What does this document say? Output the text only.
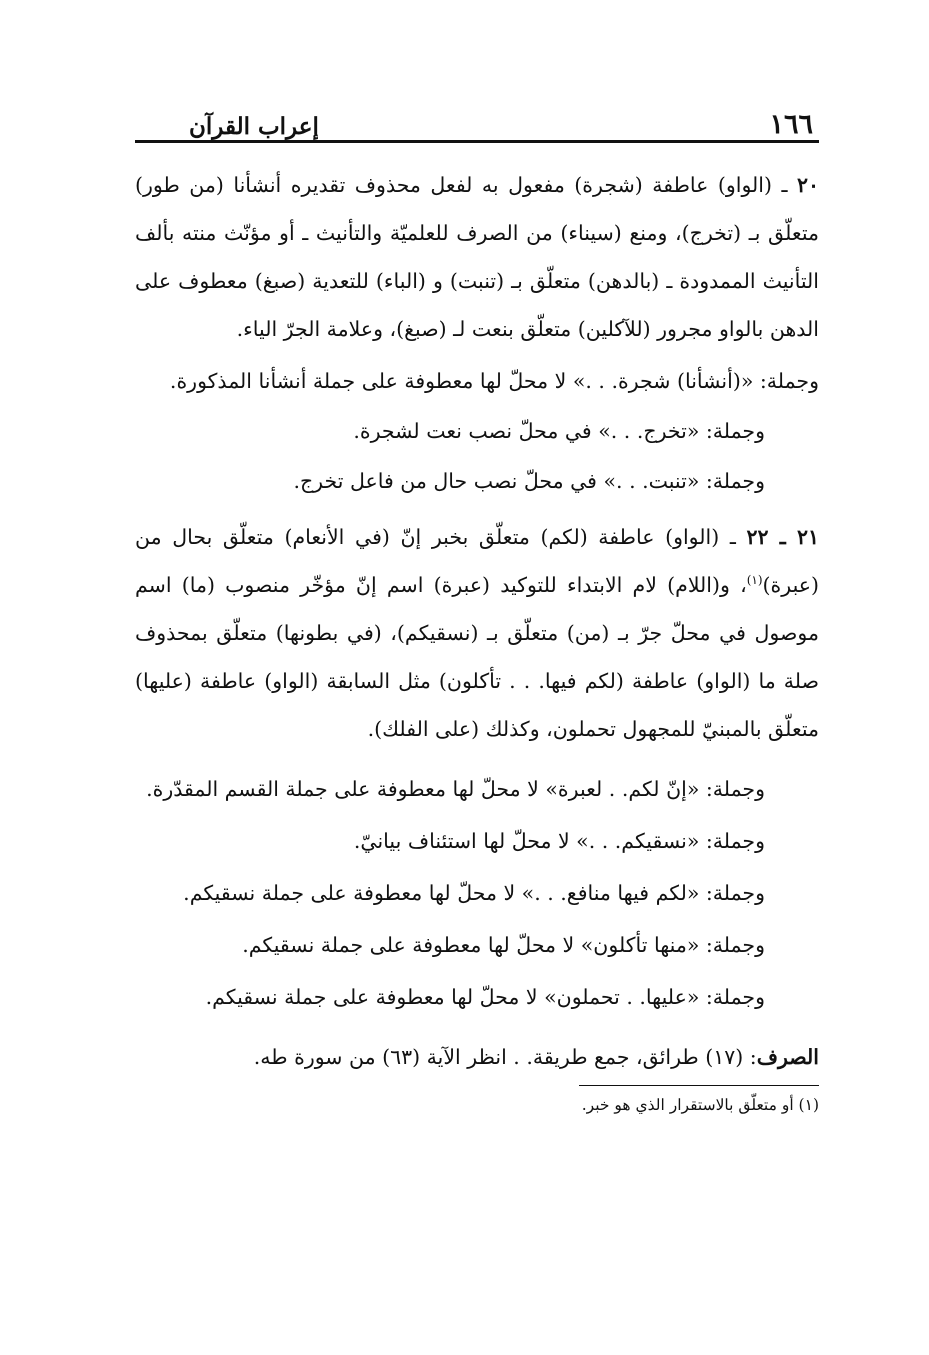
١٦٦
إعراب القرآن

٢٠ ـ (الواو) عاطفة (شجرة) مفعول به لفعل محذوف تقديره أنشأنا (من طور) متعلّق بـ (تخرج)، ومنع (سيناء) من الصرف للعلميّة والتأنيث ـ أو مؤنّث منته بألف التأنيث الممدودة ـ (بالدهن) متعلّق بـ (تنبت) و (الباء) للتعدية (صبغ) معطوف على الدهن بالواو مجرور (للآكلين) متعلّق بنعت لـ (صبغ)، وعلامة الجرّ الياء.

وجملة: «(أنشأنا) شجرة. . .» لا محلّ لها معطوفة على جملة أنشأنا المذكورة.

وجملة: «تخرج. . .» في محلّ نصب نعت لشجرة.

وجملة: «تنبت. . .» في محلّ نصب حال من فاعل تخرج.

٢١ ـ ٢٢ ـ (الواو) عاطفة (لكم) متعلّق بخبر إنّ (في الأنعام) متعلّق بحال من (عبرة)$^{(١)}$، و(اللام) لام الابتداء للتوكيد (عبرة) اسم إنّ مؤخّر منصوب (ما) اسم موصول في محلّ جرّ بـ (من) متعلّق بـ (نسقيكم)، (في بطونها) متعلّق بمحذوف صلة ما (الواو) عاطفة (لكم فيها. . . تأكلون) مثل السابقة (الواو) عاطفة (عليها) متعلّق بالمبنيّ للمجهول تحملون، وكذلك (على الفلك).

وجملة: «إنّ لكم. . لعبرة» لا محلّ لها معطوفة على جملة القسم المقدّرة.

وجملة: «نسقيكم. . .» لا محلّ لها استئناف بيانيّ.

وجملة: «لكم فيها منافع. . .» لا محلّ لها معطوفة على جملة نسقيكم.

وجملة: «منها تأكلون» لا محلّ لها معطوفة على جملة نسقيكم.

وجملة: «عليها. . تحملون» لا محلّ لها معطوفة على جملة نسقيكم.

الصرف: (١٧) طرائق، جمع طريقة. . انظر الآية (٦٣) من سورة طه.

(١) أو متعلّق بالاستقرار الذي هو خبر.
